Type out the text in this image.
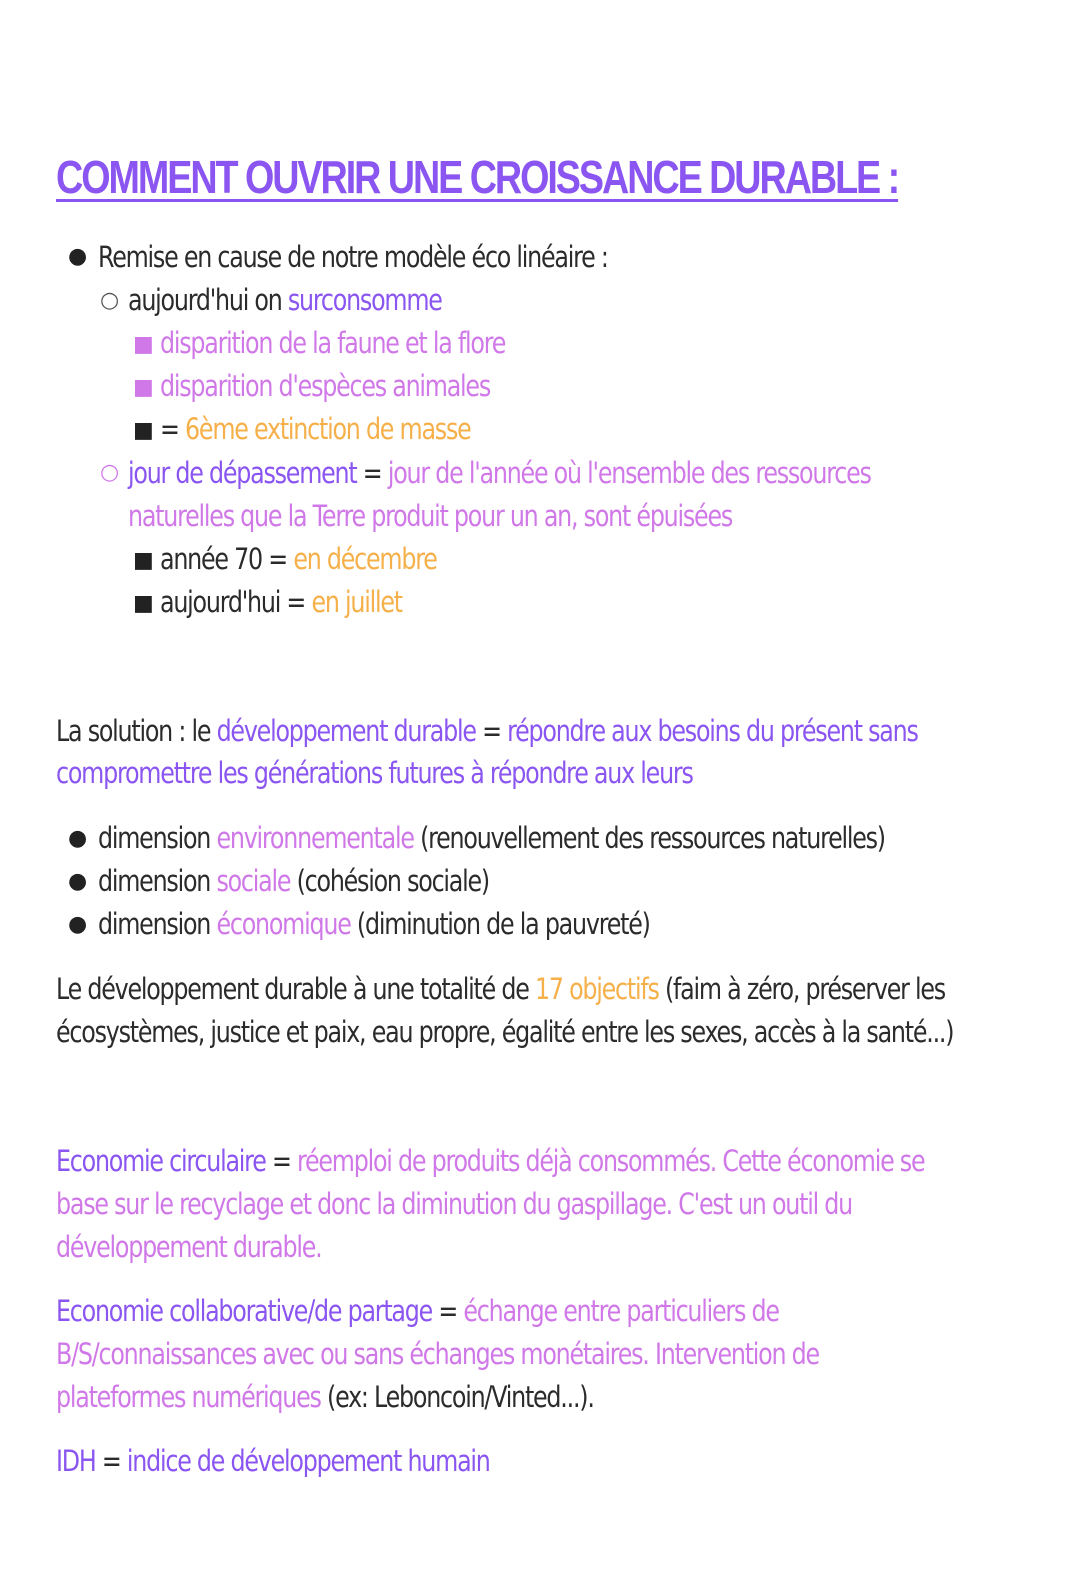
COMMENT OUVRIR UNE CROISSANCE DURABLE :
● Remise en cause de notre modèle éco linéaire :
○ aujourd'hui on surconsomme
■ disparition de la faune et la flore
■ disparition d'espèces animales
■ = 6ème extinction de masse
○ jour de dépassement = jour de l'année où l'ensemble des ressources
naturelles que la Terre produit pour un an, sont épuisées
■ année 70 = en décembre
■ aujourd'hui = en juillet
La solution : le développement durable = répondre aux besoins du présent sans
compromettre les générations futures à répondre aux leurs
● dimension environnementale (renouvellement des ressources naturelles)
● dimension sociale (cohésion sociale)
● dimension économique (diminution de la pauvreté)
Le développement durable à une totalité de 17 objectifs (faim à zéro, préserver les
écosystèmes, justice et paix, eau propre, égalité entre les sexes, accès à la santé...)
Economie circulaire = réemploi de produits déjà consommés. Cette économie se
base sur le recyclage et donc la diminution du gaspillage. C'est un outil du
développement durable.
Economie collaborative/de partage = échange entre particuliers de
B/S/connaissances avec ou sans échanges monétaires. Intervention de
plateformes numériques (ex: Leboncoin/Vinted...).
IDH = indice de développement humain
